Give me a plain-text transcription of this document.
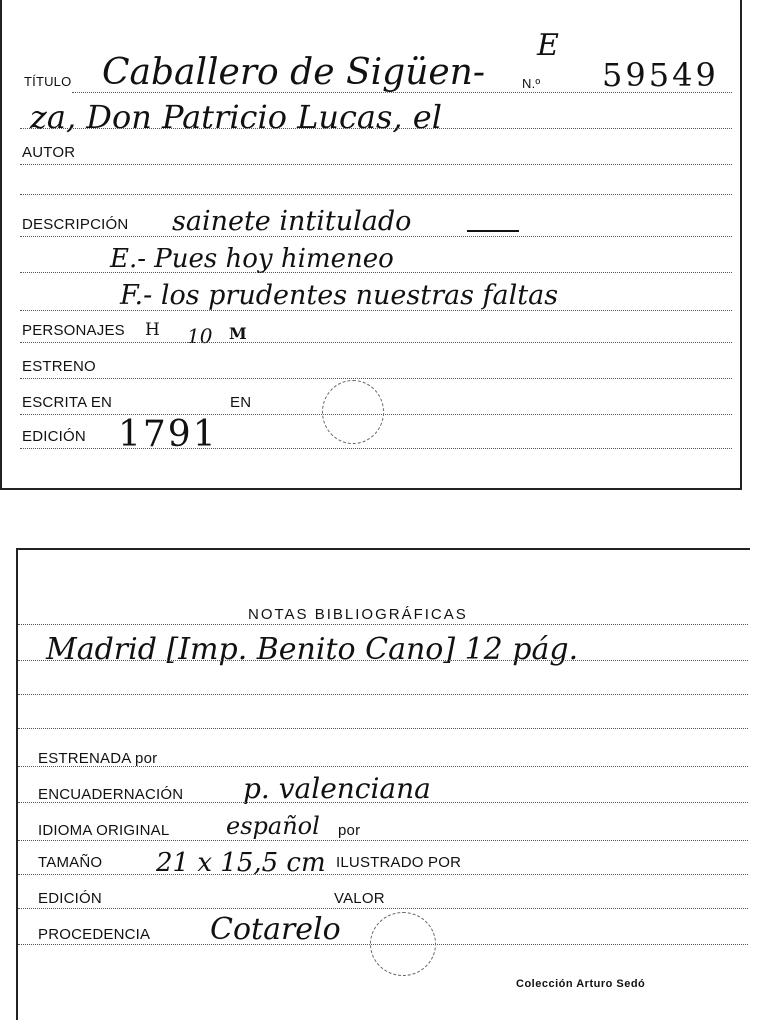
E
TÍTULO Caballero de Sigüen-	N.º 59549
za, Don Patricio Lucas, el
AUTOR
DESCRIPCIÓN sainete intitulado
E.- Pues hoy himeneo
F.- los prudentes nuestras faltas
PERSONAJES H 10 M
ESTRENO
ESCRITA EN	EN
EDICIÓN 1791
NOTAS BIBLIOGRÁFICAS
Madrid [Imp. Benito Cano] 12 pág.
ESTRENADA por
ENCUADERNACIÓN p. valenciana
IDIOMA ORIGINAL español por
TAMAÑO 21 x 15,5 cm ILUSTRADO POR
EDICIÓN	VALOR
PROCEDENCIA Cotarelo
Colección Arturo Sedó
